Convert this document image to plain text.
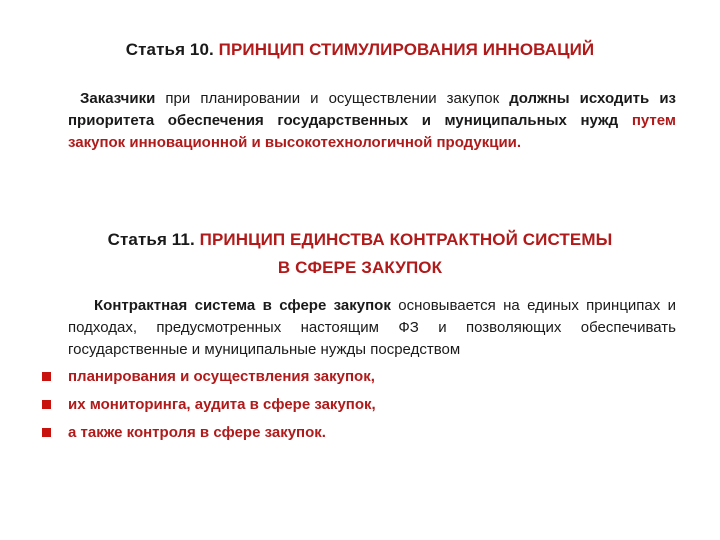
Статья 10. ПРИНЦИП СТИМУЛИРОВАНИЯ ИННОВАЦИЙ
Заказчики при планировании и осуществлении закупок должны исходить из приоритета обеспечения государственных и муниципальных нужд путем закупок инновационной и высокотехнологичной продукции.
Статья 11. ПРИНЦИП ЕДИНСТВА КОНТРАКТНОЙ СИСТЕМЫ
В СФЕРЕ ЗАКУПОК
Контрактная система в сфере закупок основывается на единых принципах и подходах, предусмотренных настоящим ФЗ и позволяющих обеспечивать государственные и муниципальные нужды посредством
планирования и осуществления закупок,
их мониторинга, аудита в сфере закупок,
а также контроля в сфере закупок.
